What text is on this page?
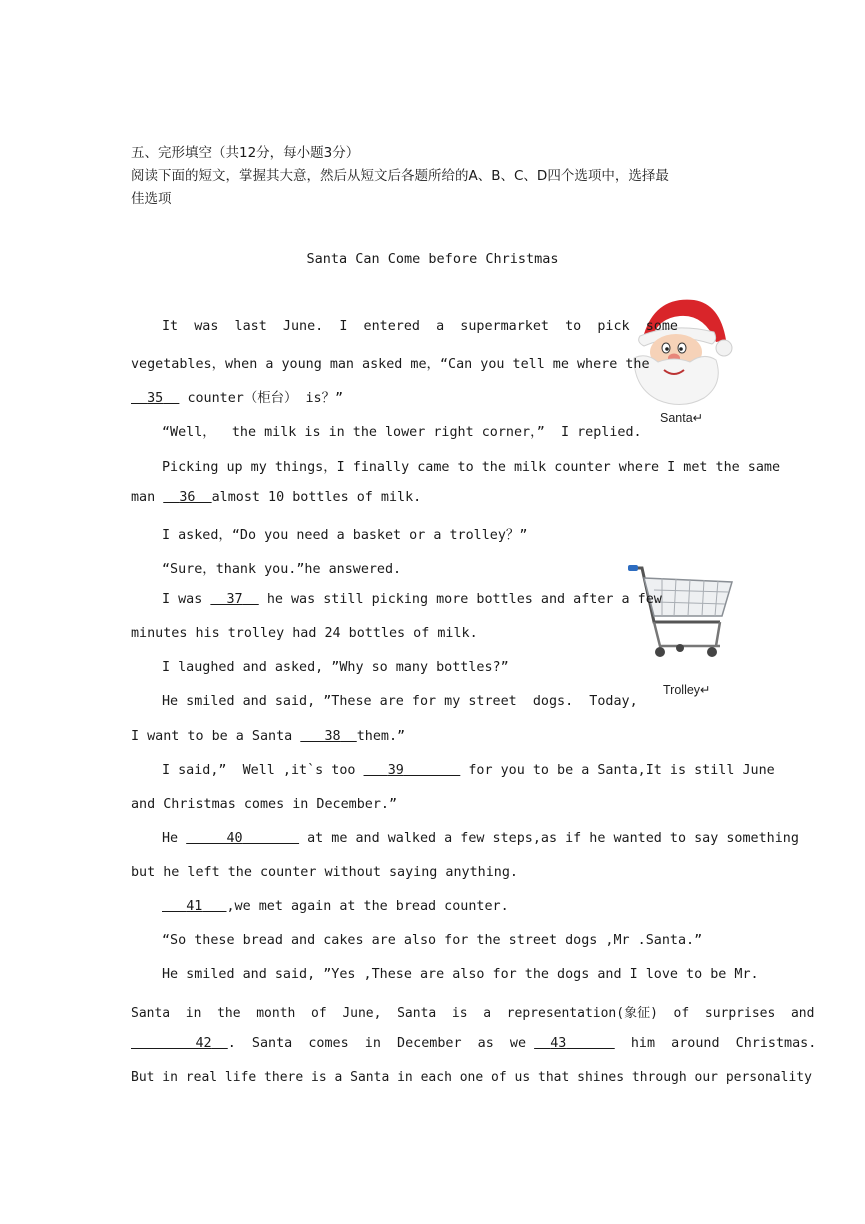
五、完形填空（共12分，每小题3分）
阅读下面的短文，掌握其大意，然后从短文后各题所给的A、B、C、D四个选项中，选择最
佳选项
Santa Can Come before Christmas
Santa↵
Trolley↵
It  was  last  June.  I  entered  a  supermarket  to  pick  some
vegetables，when a young man asked me，“Can you tell me where the
35 counter（柜台） is？”
“Well，  the milk is in the lower right corner，”  I replied.
Picking up my things，I finally came to the milk counter where I met the same
man 36 almost 10 bottles of milk.
I asked，“Do you need a basket or a trolley？”
“Sure，thank you.”he answered.
I was 37 he was still picking more bottles and after a few
minutes his trolley had 24 bottles of milk.
I laughed and asked, ”Why so many bottles?”
He smiled and said, ”These are for my street  dogs.  Today,
I want to be a Santa 38 them.”
I said,”  Well ,it`s too 39	for you to be a Santa,It is still June
and Christmas comes in December.”
He	40	at me and walked a few steps,as if he wanted to say something
but he left the counter without saying anything.
41 ,we met again at the bread counter.
“So these bread and cakes are also for the street dogs ,Mr .Santa.”
He smiled and said, ”Yes ,These are also for the dogs and I love to be Mr.
Santa  in  the  month  of  June,  Santa  is  a  representation(象征)  of  surprises  and
42 .  Santa  comes  in  December  as  we 43	him  around  Christmas.
But in real life there is a Santa in each one of us that shines through our personality
